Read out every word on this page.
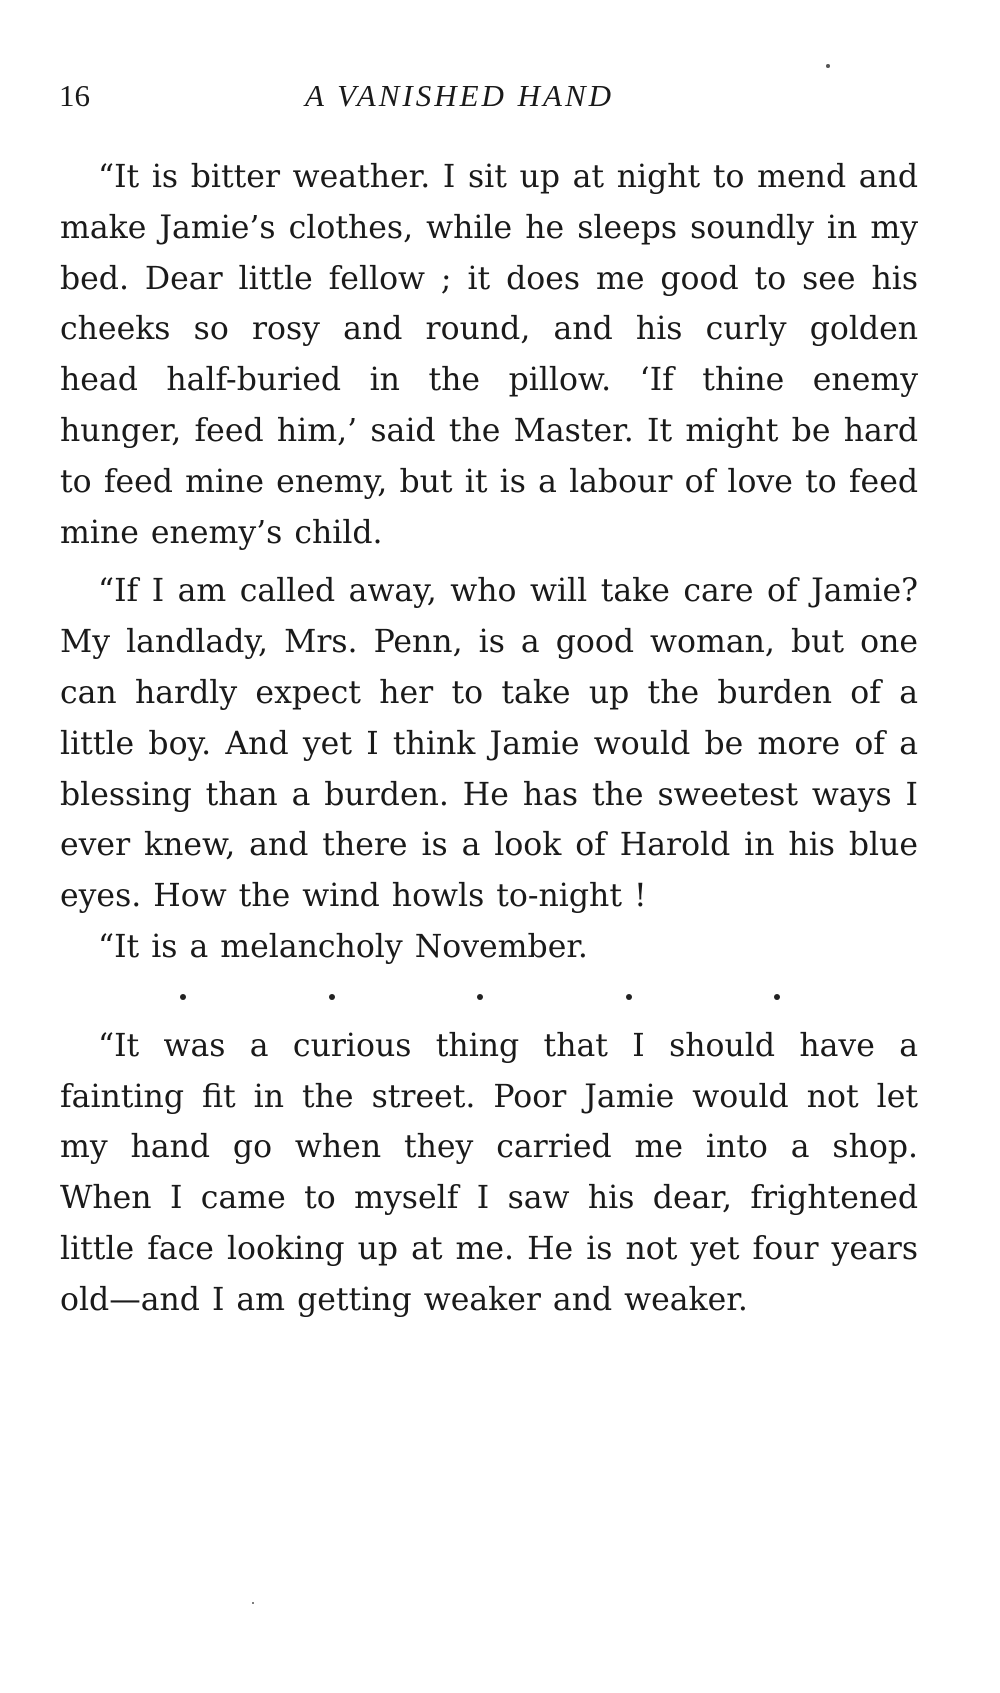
16	A VANISHED HAND

“It is bitter weather. I sit up at night to mend and make Jamie’s clothes, while he sleeps soundly in my bed. Dear little fellow ; it does me good to see his cheeks so rosy and round, and his curly golden head half-buried in the pillow. ‘If thine enemy hunger, feed him,’ said the Master. It might be hard to feed mine enemy, but it is a labour of love to feed mine enemy’s child.

“If I am called away, who will take care of Jamie? My landlady, Mrs. Penn, is a good woman, but one can hardly expect her to take up the burden of a little boy. And yet I think Jamie would be more of a blessing than a burden. He has the sweetest ways I ever knew, and there is a look of Harold in his blue eyes. How the wind howls to-night !

“It is a melancholy November.

“It was a curious thing that I should have a fainting fit in the street. Poor Jamie would not let my hand go when they carried me into a shop. When I came to myself I saw his dear, frightened little face looking up at me. He is not yet four years old—and I am getting weaker and weaker.
